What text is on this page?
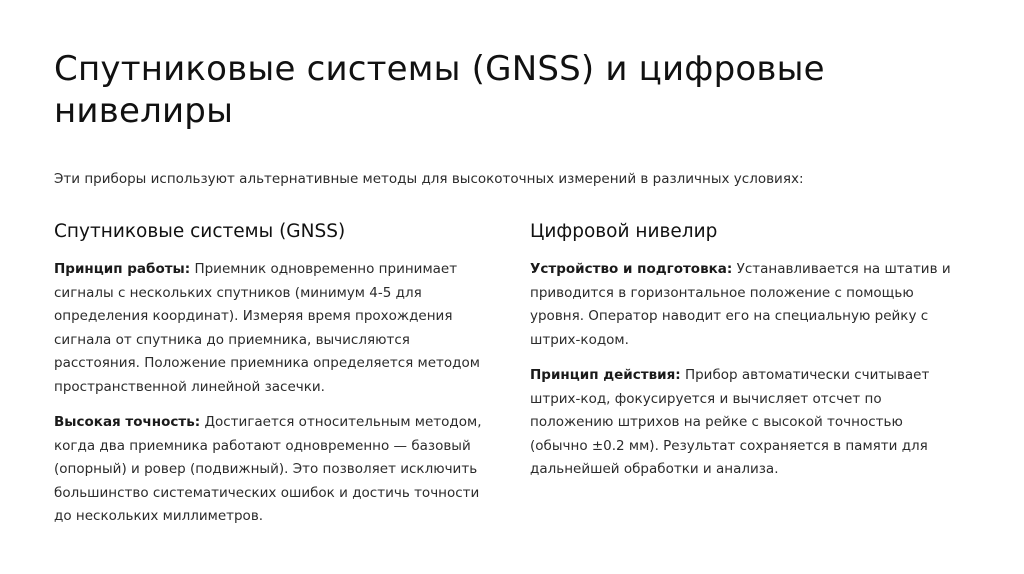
Спутниковые системы (GNSS) и цифровые нивелиры

Эти приборы используют альтернативные методы для высокоточных измерений в различных условиях:

Спутниковые системы (GNSS)

Принцип работы: Приемник одновременно принимает сигналы с нескольких спутников (минимум 4-5 для определения координат). Измеряя время прохождения сигнала от спутника до приемника, вычисляются расстояния. Положение приемника определяется методом пространственной линейной засечки.

Высокая точность: Достигается относительным методом, когда два приемника работают одновременно — базовый (опорный) и ровер (подвижный). Это позволяет исключить большинство систематических ошибок и достичь точности до нескольких миллиметров.

Цифровой нивелир

Устройство и подготовка: Устанавливается на штатив и приводится в горизонтальное положение с помощью уровня. Оператор наводит его на специальную рейку с штрих-кодом.

Принцип действия: Прибор автоматически считывает штрих-код, фокусируется и вычисляет отсчет по положению штрихов на рейке с высокой точностью (обычно ±0.2 мм). Результат сохраняется в памяти для дальнейшей обработки и анализа.
